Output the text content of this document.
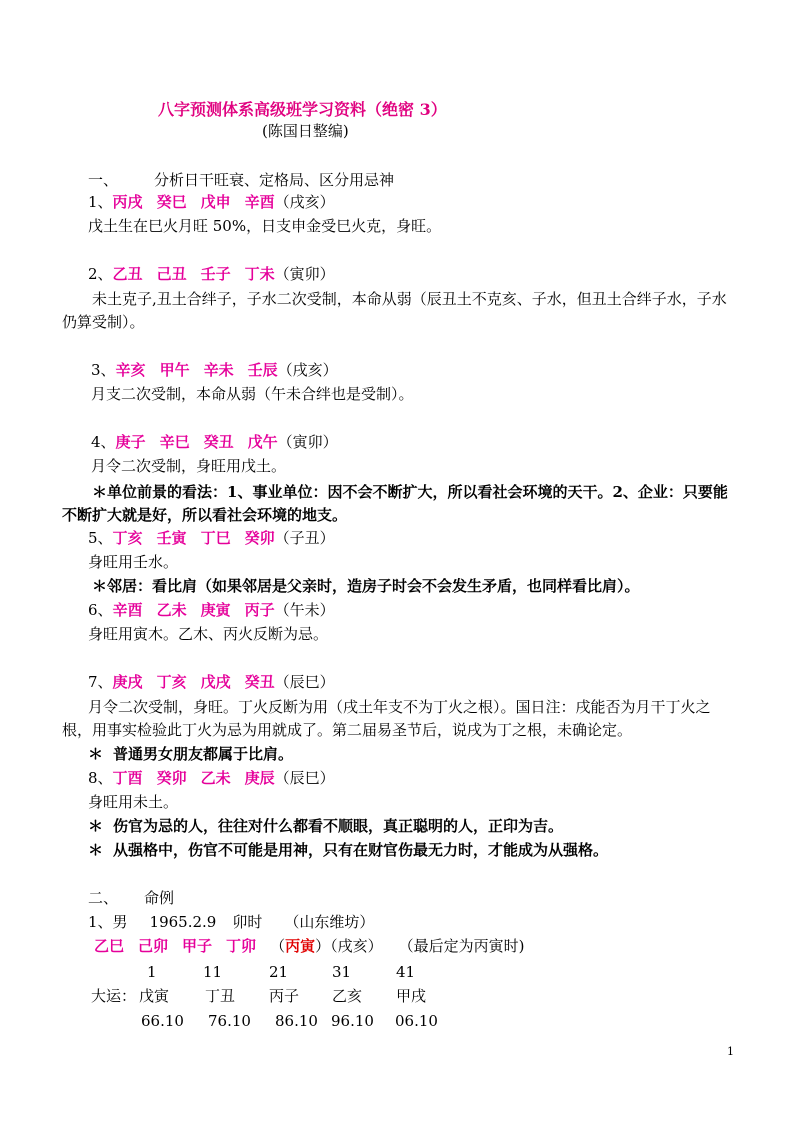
八字预测体系高级班学习资料（绝密 3）
(陈国日整编)
一、 分析日干旺衰、定格局、区分用忌神
1、丙戌 癸巳 戊申 辛酉（戌亥）
戊土生在巳火月旺 50%，日支申金受巳火克，身旺。
2、乙丑 己丑 壬子 丁未（寅卯）
未土克子,丑土合绊子，子水二次受制，本命从弱（辰丑土不克亥、子水，但丑土合绊子水，子水仍算受制）。
3、辛亥 甲午 辛未 壬辰（戌亥）
月支二次受制，本命从弱（午未合绊也是受制）。
4、庚子 辛巳 癸丑 戊午（寅卯）
月令二次受制，身旺用戊土。
＊单位前景的看法：1、事业单位：因不会不断扩大，所以看社会环境的天干。2、企业：只要能不断扩大就是好，所以看社会环境的地支。
5、丁亥 壬寅 丁巳 癸卯（子丑）
身旺用壬水。
＊邻居：看比肩（如果邻居是父亲时，造房子时会不会发生矛盾，也同样看比肩）。
6、辛酉 乙未 庚寅 丙子（午未）
身旺用寅木。乙木、丙火反断为忌。
7、庚戌 丁亥 戊戌 癸丑（辰巳）
月令二次受制，身旺。丁火反断为用（戌土年支不为丁火之根）。国日注：戌能否为月干丁火之根，用事实检验此丁火为忌为用就成了。第二届易圣节后，说戌为丁之根，未确论定。
＊ 普通男女朋友都属于比肩。
8、丁酉 癸卯 乙未 庚辰（辰巳）
身旺用未土。
＊ 伤官为忌的人，往往对什么都看不顺眼，真正聪明的人，正印为吉。
＊ 从强格中，伤官不可能是用神，只有在财官伤最无力时，才能成为从强格。
二、 命例
1、男 1965.2.9 卯时 （山东维坊）
乙巳 己卯 甲子 丁卯 （丙寅）（戌亥） （最后定为丙寅时)
1	11	21	31	41
大运： 戊寅 丁丑 丙子 乙亥 甲戌
66.10 76.10 86.10 96.10 06.10
1
